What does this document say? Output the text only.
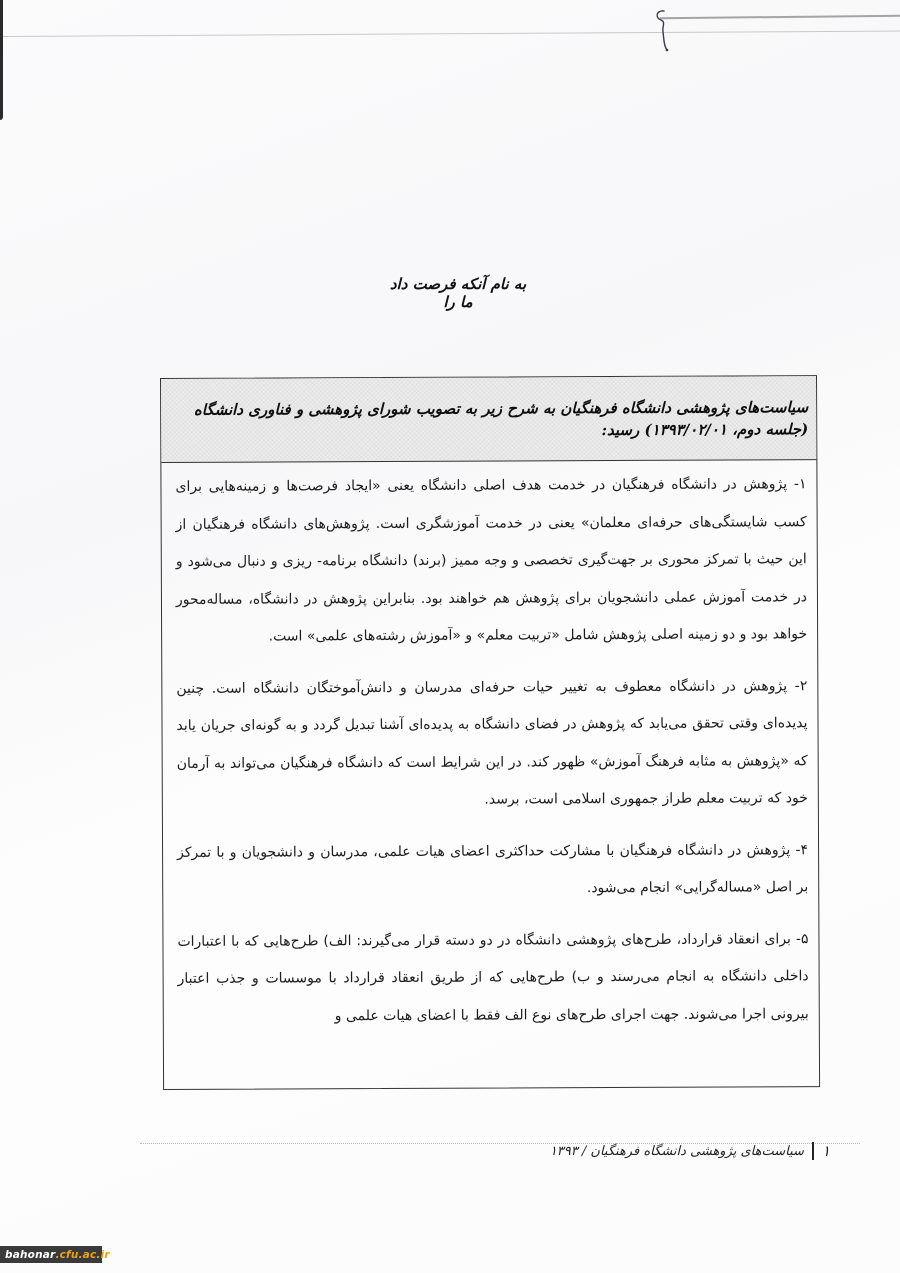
به نام آنکه فرصت داد ما را
سیاست‌های پژوهشی دانشگاه فرهنگیان به شرح زیر به تصویب شورای پژوهشی و فناوری دانشگاه (جلسه دوم، ۱۳۹۳/۰۲/۰۱) رسید:

۱- پژوهش در دانشگاه فرهنگیان در خدمت هدف اصلی دانشگاه یعنی «ایجاد فرصت‌ها و زمینه‌هایی برای کسب شایستگی‌های حرفه‌ای معلمان» یعنی در خدمت آموزشگری است. پژوهش‌های دانشگاه فرهنگیان از این حیث با تمرکز محوری بر جهت‌گیری تخصصی و وجه ممیز (برند) دانشگاه برنامه- ریزی و دنبال می‌شود و در خدمت آموزش عملی دانشجویان برای پژوهش هم خواهند بود. بنابراین پژوهش در دانشگاه، مساله‌محور خواهد بود و دو زمینه اصلی پژوهش شامل «تربیت معلم» و «آموزش رشته‌های علمی» است.

۲- پژوهش در دانشگاه معطوف به تغییر حیات حرفه‌ای مدرسان و دانش‌آموختگان دانشگاه است. چنین پدیده‌ای وقتی تحقق می‌یابد که پژوهش در فضای دانشگاه به پدیده‌ای آشنا تبدیل گردد و به گونه‌ای جریان یابد که «پژوهش به مثابه فرهنگ آموزش» ظهور کند. در این شرایط است که دانشگاه فرهنگیان می‌تواند به آرمان خود که تربیت معلم طراز جمهوری اسلامی است، برسد.

۴- پژوهش در دانشگاه فرهنگیان با مشارکت حداکثری اعضای هیات علمی، مدرسان و دانشجویان و با تمرکز بر اصل «مساله‌گرایی» انجام می‌شود.

۵- برای انعقاد قرارداد، طرح‌های پژوهشی دانشگاه در دو دسته قرار می‌گیرند: الف) طرح‌هایی که با اعتبارات داخلی دانشگاه به انجام می‌رسند و ب) طرح‌هایی که از طریق انعقاد قرارداد با موسسات و جذب اعتبار بیرونی اجرا می‌شوند. جهت اجرای طرح‌های نوع الف فقط با اعضای هیات علمی و

۱
سیاست‌های پژوهشی دانشگاه فرهنگیان / ۱۳۹۳
bahonar .cfu.ac.ir
